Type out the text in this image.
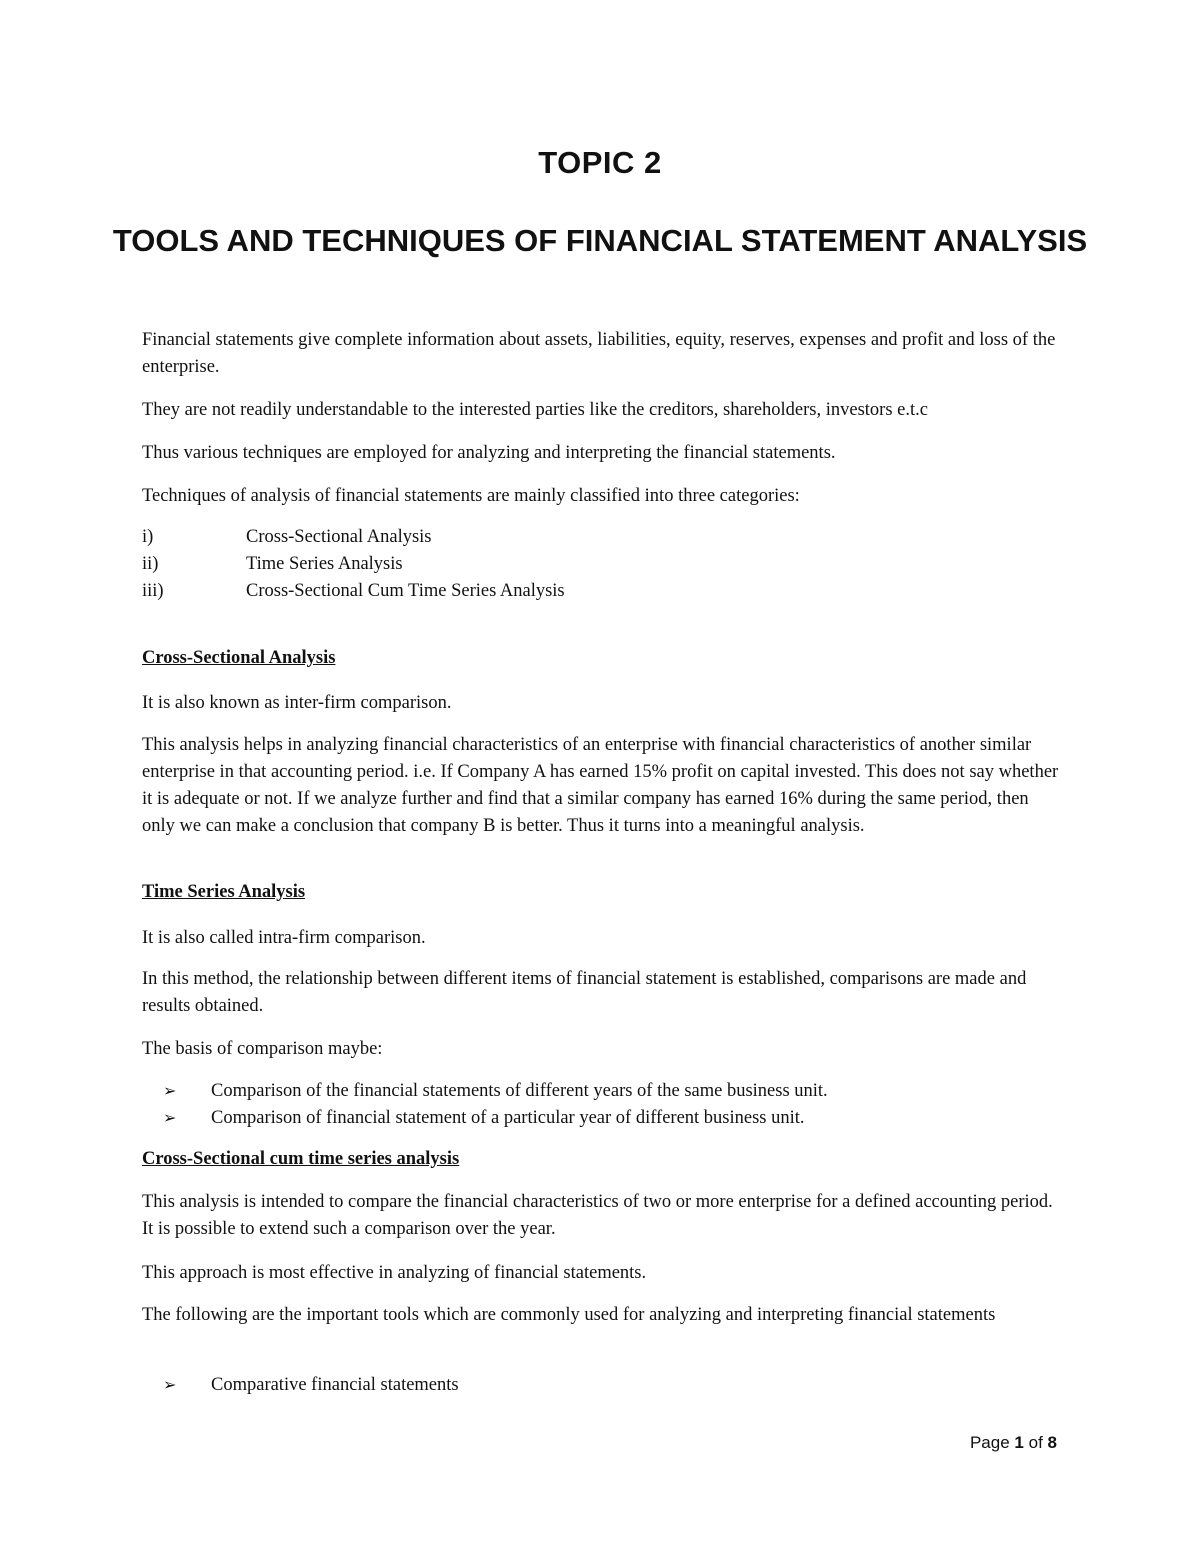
TOPIC 2
TOOLS AND TECHNIQUES OF FINANCIAL STATEMENT ANALYSIS

Financial statements give complete information about assets, liabilities, equity, reserves, expenses and profit and loss of the enterprise.

They are not readily understandable to the interested parties like the creditors, shareholders, investors e.t.c

Thus various techniques are employed for analyzing and interpreting the financial statements.

Techniques of analysis of financial statements are mainly classified into three categories:

i)	Cross-Sectional Analysis
ii)	Time Series Analysis
iii)	Cross-Sectional Cum Time Series Analysis
Cross-Sectional Analysis

It is also known as inter-firm comparison.

This analysis helps in analyzing financial characteristics of an enterprise with financial characteristics of another similar enterprise in that accounting period. i.e. If Company A has earned 15% profit on capital invested. This does not say whether it is adequate or not. If we analyze further and find that a similar company has earned 16% during the same period, then only we can make a conclusion that company B is better. Thus it turns into a meaningful analysis.

Time Series Analysis

It is also called intra-firm comparison.

In this method, the relationship between different items of financial statement is established, comparisons are made and results obtained.

The basis of comparison maybe:

➢ Comparison of the financial statements of different years of the same business unit.
➢ Comparison of financial statement of a particular year of different business unit.
Cross-Sectional cum time series analysis

This analysis is intended to compare the financial characteristics of two or more enterprise for a defined accounting period. It is possible to extend such a comparison over the year.

This approach is most effective in analyzing of financial statements.

The following are the important tools which are commonly used for analyzing and interpreting financial statements

➢ Comparative financial statements
Page 1 of 8
